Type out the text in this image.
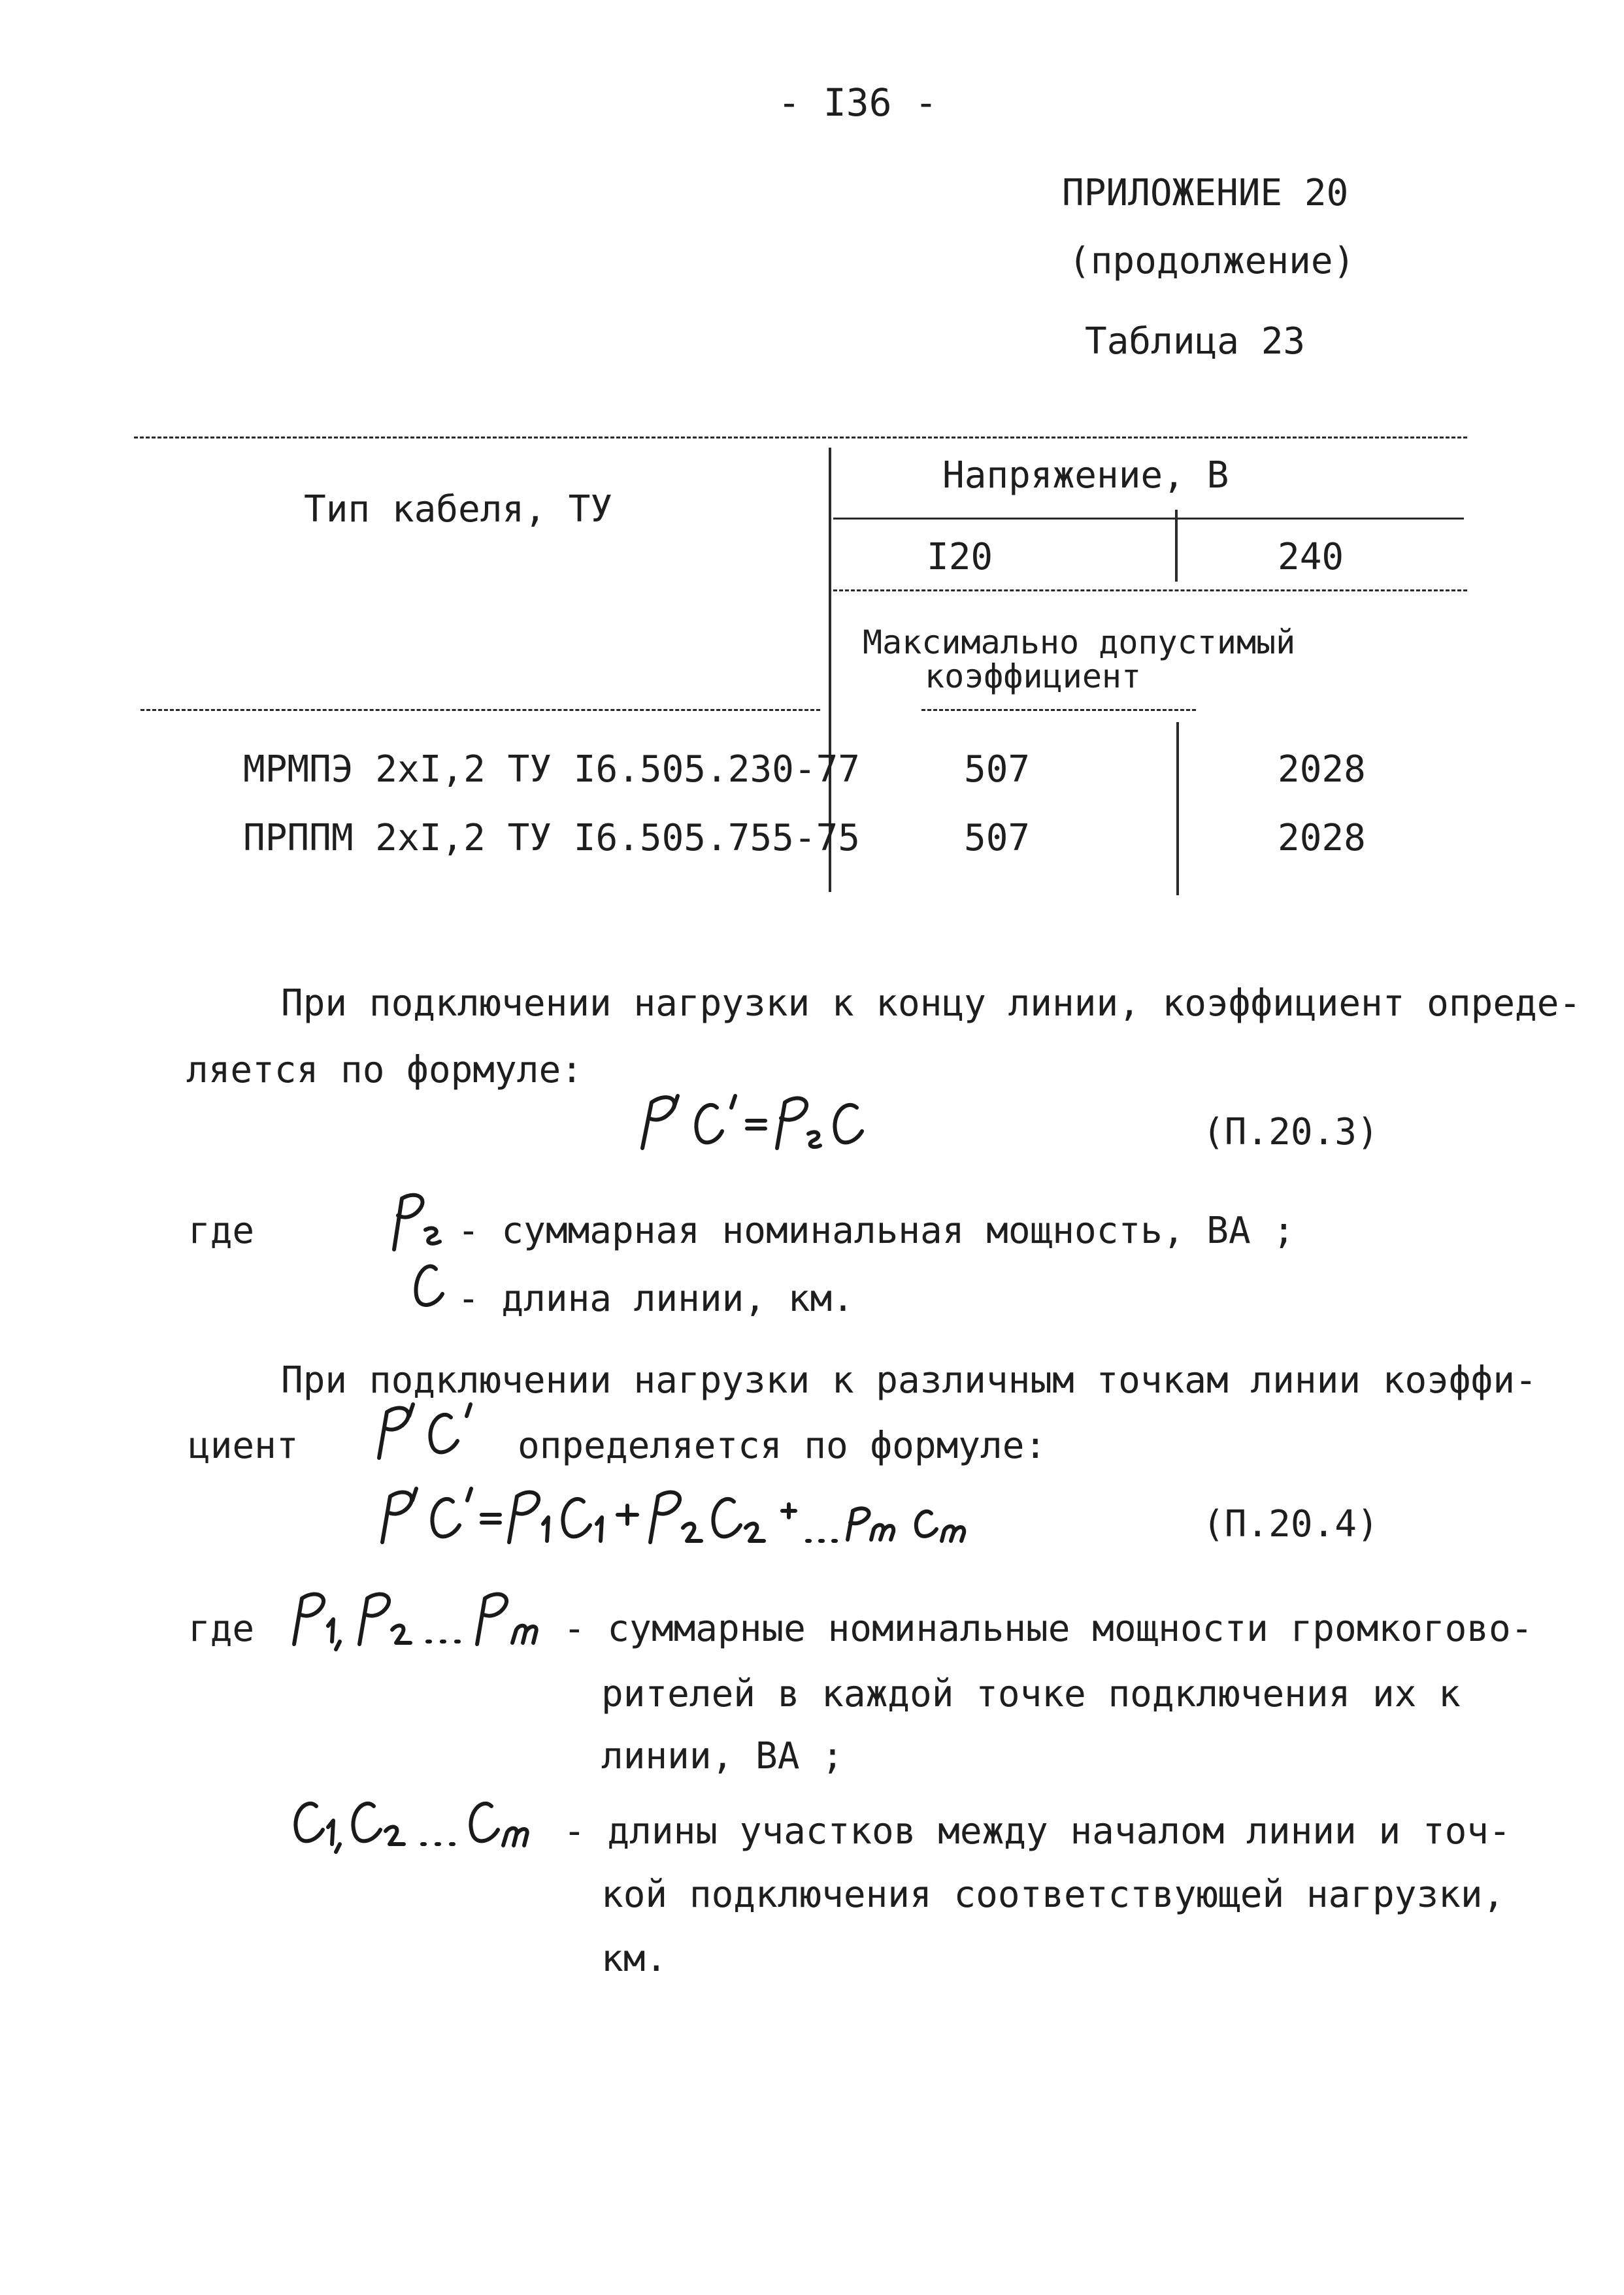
- I36 -
ПРИЛОЖЕНИЕ 20
(продолжение)
Таблица 23
Тип кабеля, ТУ
Напряжение, В
I20	240
Максимально допустимый
коэффициент
МРМПЭ 2хI,2 ТУ I6.505.230-77	507	2028
ПРППМ 2хI,2 ТУ I6.505.755-75	507	2028
При подключении нагрузки к концу линии, коэффициент опреде-
ляется по формуле:
(П.20.3)
где	- суммарная номинальная мощность, ВА ;
- длина линии, км.
При подключении нагрузки к различным точкам линии коэффи-
циент	определяется по формуле:
(П.20.4)
где	- суммарные номинальные мощности громкогово-
рителей в каждой точке подключения их к
линии, ВА ;
- длины участков между началом линии и точ-
кой подключения соответствующей нагрузки,
км.
